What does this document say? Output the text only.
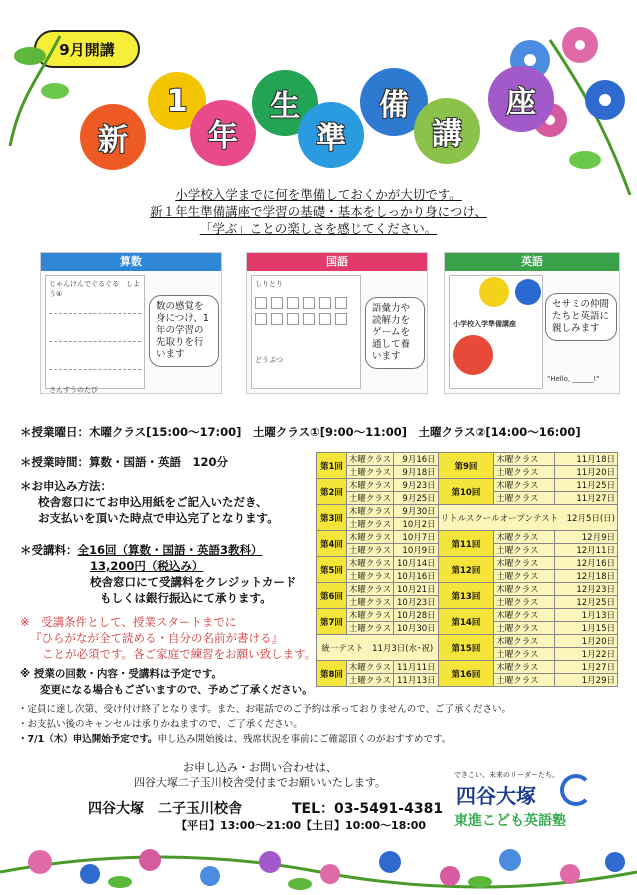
9月開講
新
1
年
生
準
備
講
座
小学校入学までに何を準備しておくかが大切です。
新１年生準備講座で学習の基礎・基本をしっかり身につけ、
「学ぶ」ことの楽しさを感じてください。
算数
じゃんけんでぐるぐる　しよう④
さんすうのたび
数の感覚を身につけ、1年の学習の先取りを行います
国語
しりとり
どうぶつ
語彙力や読解力をゲームを通して養います
英語
小学校入学準備講座
セサミの仲間たちと英語に親しみます
"Hello, ______!"
＊授業曜日：木曜クラス[15:00～17:00]　土曜クラス①[9:00～11:00]　土曜クラス②[14:00～16:00]
＊授業時間：算数・国語・英語　120分
＊お申込み方法：
校舎窓口にてお申込用紙をご記入いただき、
お支払いを頂いた時点で申込完了となります。
＊受講料：全16回（算数・国語・英語3教科）
13,200円（税込み）
校舎窓口にて受講料をクレジットカード
もしくは銀行振込にて承ります。
※　受講条件として、授業スタートまでに
『ひらがなが全て読める・自分の名前が書ける』
ことが必須です。各ご家庭で練習をお願い致します。
※ 授業の回数・内容・受講料は予定です。
変更になる場合もございますので、予めご了承ください。
第1回	木曜クラス	9月16日	第9回	木曜クラス	11月18日
	土曜クラス	9月18日		土曜クラス	11月20日
第2回	木曜クラス	9月23日	第10回	木曜クラス	11月25日
	土曜クラス	9月25日		土曜クラス	11月27日
第3回	木曜クラス	9月30日	リトルスクールオープンテスト　12月5日(日)		
	土曜クラス	10月2日			
第4回	木曜クラス	10月7日	第11回	木曜クラス	12月9日
	土曜クラス	10月9日		土曜クラス	12月11日
第5回	木曜クラス	10月14日	第12回	木曜クラス	12月16日
	土曜クラス	10月16日		土曜クラス	12月18日
第6回	木曜クラス	10月21日	第13回	木曜クラス	12月23日
	土曜クラス	10月23日		土曜クラス	12月25日
第7回	木曜クラス	10月28日	第14回	木曜クラス	1月13日
	土曜クラス	10月30日		土曜クラス	1月15日
統一テスト　11月3日(水･祝)			第15回	木曜クラス	1月20日
				土曜クラス	1月22日
第8回	木曜クラス	11月11日	第16回	木曜クラス	1月27日
	土曜クラス	11月13日		土曜クラス	1月29日
・定員に達し次第、受け付け終了となります。また、お電話でのご予約は承っておりませんので、ご了承ください。
・お支払い後のキャンセルは承りかねますので、ご了承ください。
・7/1（木）申込開始予定です。申し込み開始後は、残席状況を事前にご確認頂くのがおすすめです。
お申し込み・お問い合わせは、
四谷大塚二子玉川校舎受付までお願いいたします。
四谷大塚　二子玉川校舎	TEL：03-5491-4381
【平日】13:00～21:00【土日】10:00～18:00
できこい、未来のリーダーたち。
四谷大塚
東進こども英語塾
